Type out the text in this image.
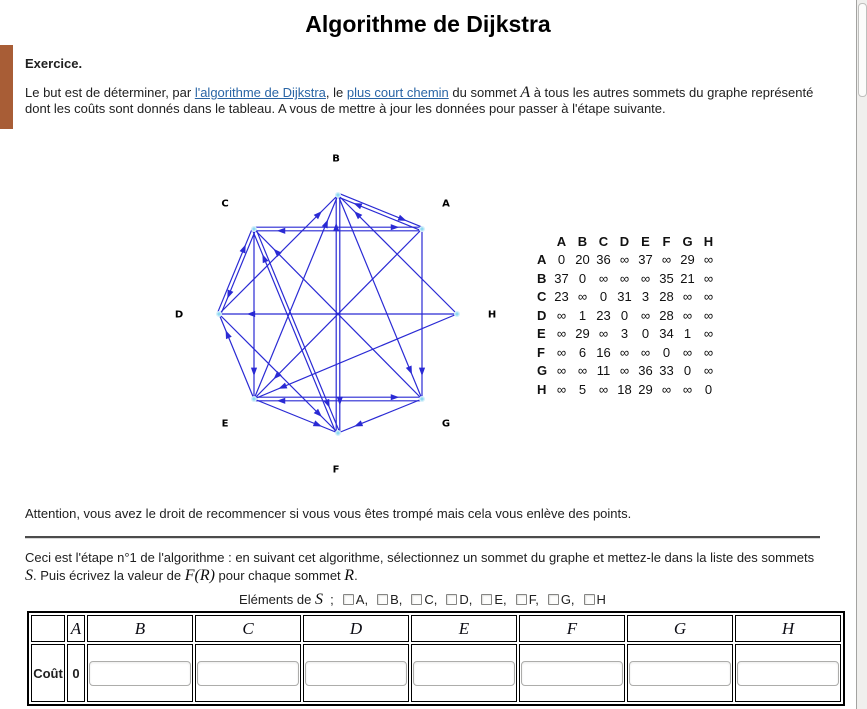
Algorithme de Dijkstra
Exercice.
Le but est de déterminer, par l'algorithme de Dijkstra, le plus court chemin du sommet A à tous les autres sommets du graphe représenté
dont les coûts sont donnés dans le tableau. A vous de mettre à jour les données pour passer à l'étape suivante.
A
B
C
D
E
F
G
H
	A	B	C	D	E	F	G	H
A	0	20	36	∞	37	∞	29	∞
B	37	0	∞	∞	∞	35	21	∞
C	23	∞	0	31	3	28	∞	∞
D	∞	1	23	0	∞	28	∞	∞
E	∞	29	∞	3	0	34	1	∞
F	∞	6	16	∞	∞	0	∞	∞
G	∞	∞	11	∞	36	33	0	∞
H	∞	5	∞	18	29	∞	∞	0
Attention, vous avez le droit de recommencer si vous vous êtes trompé mais cela vous enlève des points.
Ceci est l'étape n°1 de l'algorithme : en suivant cet algorithme, sélectionnez un sommet du graphe et mettez-le dans la liste des sommets
S. Puis écrivez la valeur de F(R) pour chaque sommet R.
Eléments de S ; A, B, C, D, E, F, G, H
	A	B	C	D	E	F	G	H
Coût	0							
